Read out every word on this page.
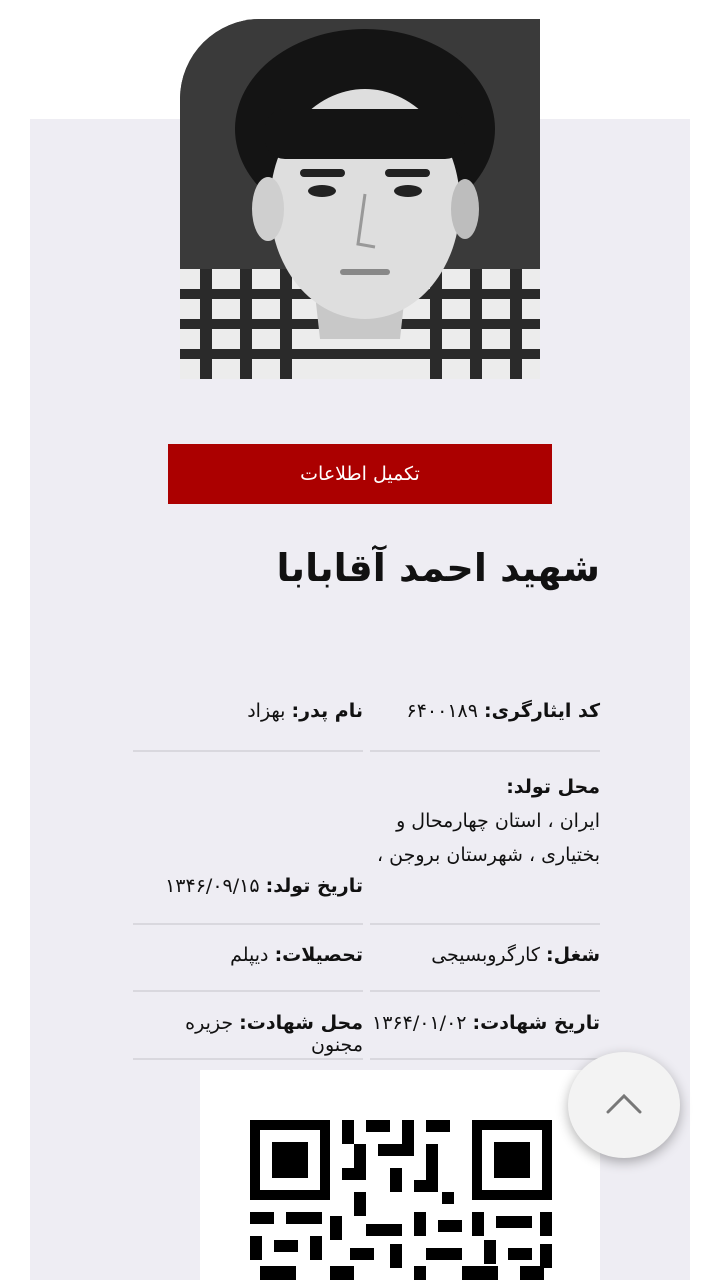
تکمیل اطلاعات
شهید احمد آقابابا
کد ایثارگری: ۶۴۰۰۱۸۹
نام پدر: بهزاد
محل تولد:
ایران ، استان چهارمحال و بختیاری ، شهرستان بروجن ،
تاریخ تولد: ۱۳۴۶/۰۹/۱۵
شغل: کارگروبسیجی
تحصیلات: دیپلم
تاریخ شهادت: ۱۳۶۴/۰۱/۰۲
محل شهادت: جزیره مجنون
